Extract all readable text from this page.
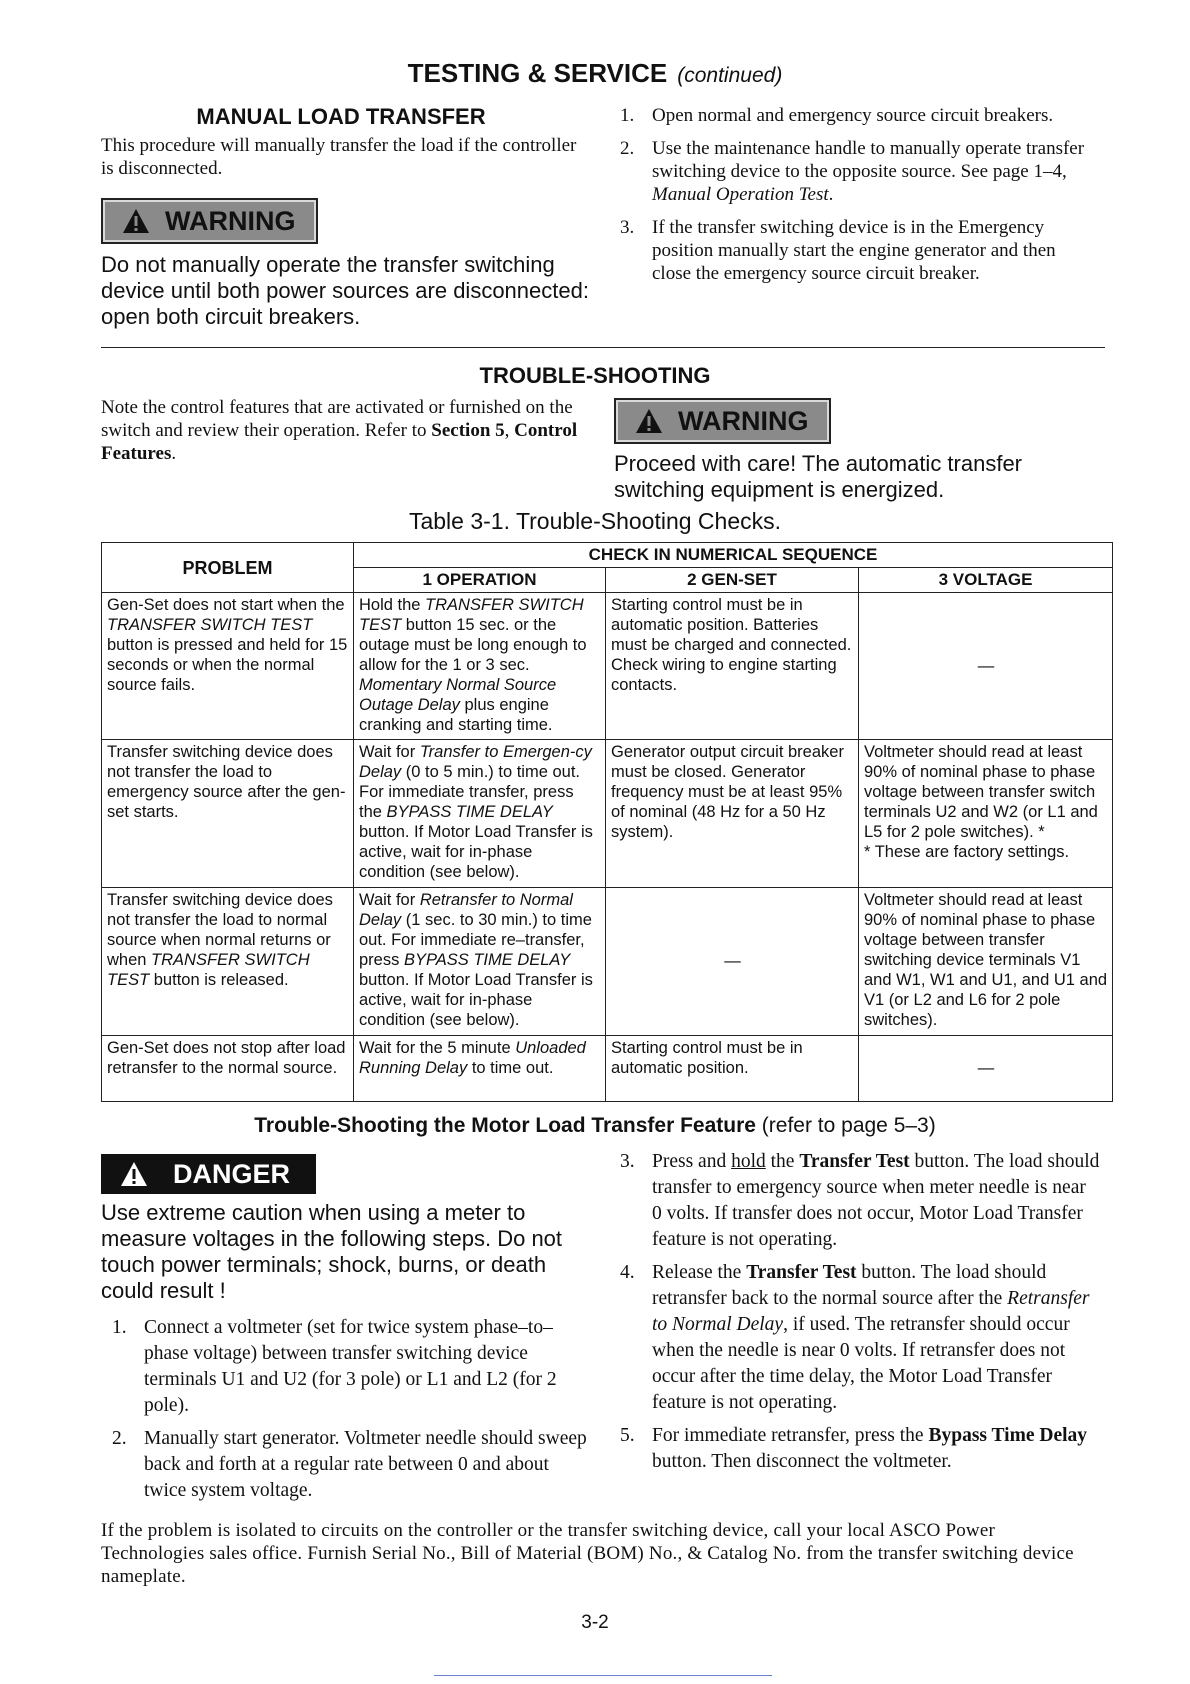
TESTING & SERVICE (continued)
MANUAL LOAD TRANSFER
This procedure will manually transfer the load if the controller is disconnected.
WARNING
Do not manually operate the transfer switching device until both power sources are disconnected: open both circuit breakers.
1. Open normal and emergency source circuit breakers.
2. Use the maintenance handle to manually operate transfer switching device to the opposite source. See page 1–4, Manual Operation Test.
3. If the transfer switching device is in the Emergency position manually start the engine generator and then close the emergency source circuit breaker.
TROUBLE-SHOOTING
Note the control features that are activated or furnished on the switch and review their operation. Refer to Section 5, Control Features.
WARNING
Proceed with care! The automatic transfer switching equipment is energized.
Table 3-1. Trouble-Shooting Checks.
PROBLEM	CHECK IN NUMERICAL SEQUENCE		
	1 OPERATION	2 GEN-SET	3 VOLTAGE
Gen-Set does not start when the TRANSFER SWITCH TEST button is pressed and held for 15 seconds or when the normal source fails.	Hold the TRANSFER SWITCH TEST button 15 sec. or the outage must be long enough to allow for the 1 or 3 sec. Momentary Normal Source Outage Delay plus engine cranking and starting time.	Starting control must be in automatic position. Batteries must be charged and connected. Check wiring to engine starting contacts.	—
Transfer switching device does not transfer the load to emergency source after the gen-set starts.	Wait for Transfer to Emergen-cy Delay (0 to 5 min.) to time out. For immediate transfer, press the BYPASS TIME DELAY button. If Motor Load Transfer is active, wait for in-phase condition (see below).	Generator output circuit breaker must be closed. Generator frequency must be at least 95% of nominal (48 Hz for a 50 Hz system).	Voltmeter should read at least 90% of nominal phase to phase voltage between transfer switch terminals U2 and W2 (or L1 and L5 for 2 pole switches). *
* These are factory settings.
Transfer switching device does not transfer the load to normal source when normal returns or when TRANSFER SWITCH TEST button is released.	Wait for Retransfer to Normal Delay (1 sec. to 30 min.) to time out. For immediate re–transfer, press BYPASS TIME DELAY button. If Motor Load Transfer is active, wait for in-phase condition (see below).	—	Voltmeter should read at least 90% of nominal phase to phase voltage between transfer switching device terminals V1 and W1, W1 and U1, and U1 and V1 (or L2 and L6 for 2 pole switches).
Gen-Set does not stop after load retransfer to the normal source.	Wait for the 5 minute Unloaded Running Delay to time out.	Starting control must be in automatic position.	—
Trouble-Shooting the Motor Load Transfer Feature (refer to page 5–3)
DANGER
Use extreme caution when using a meter to measure voltages in the following steps. Do not touch power terminals; shock, burns, or death could result !
1. Connect a voltmeter (set for twice system phase–to–phase voltage) between transfer switching device terminals U1 and U2 (for 3 pole) or L1 and L2 (for 2 pole).
2. Manually start generator. Voltmeter needle should sweep back and forth at a regular rate between 0 and about twice system voltage.
3. Press and hold the Transfer Test button. The load should transfer to emergency source when meter needle is near 0 volts. If transfer does not occur, Motor Load Transfer feature is not operating.
4. Release the Transfer Test button. The load should retransfer back to the normal source after the Retransfer to Normal Delay, if used. The retransfer should occur when the needle is near 0 volts. If retransfer does not occur after the time delay, the Motor Load Transfer feature is not operating.
5. For immediate retransfer, press the Bypass Time Delay button. Then disconnect the voltmeter.
If the problem is isolated to circuits on the controller or the transfer switching device, call your local ASCO Power Technologies sales office. Furnish Serial No., Bill of Material (BOM) No., & Catalog No. from the transfer switching device nameplate.
3-2
